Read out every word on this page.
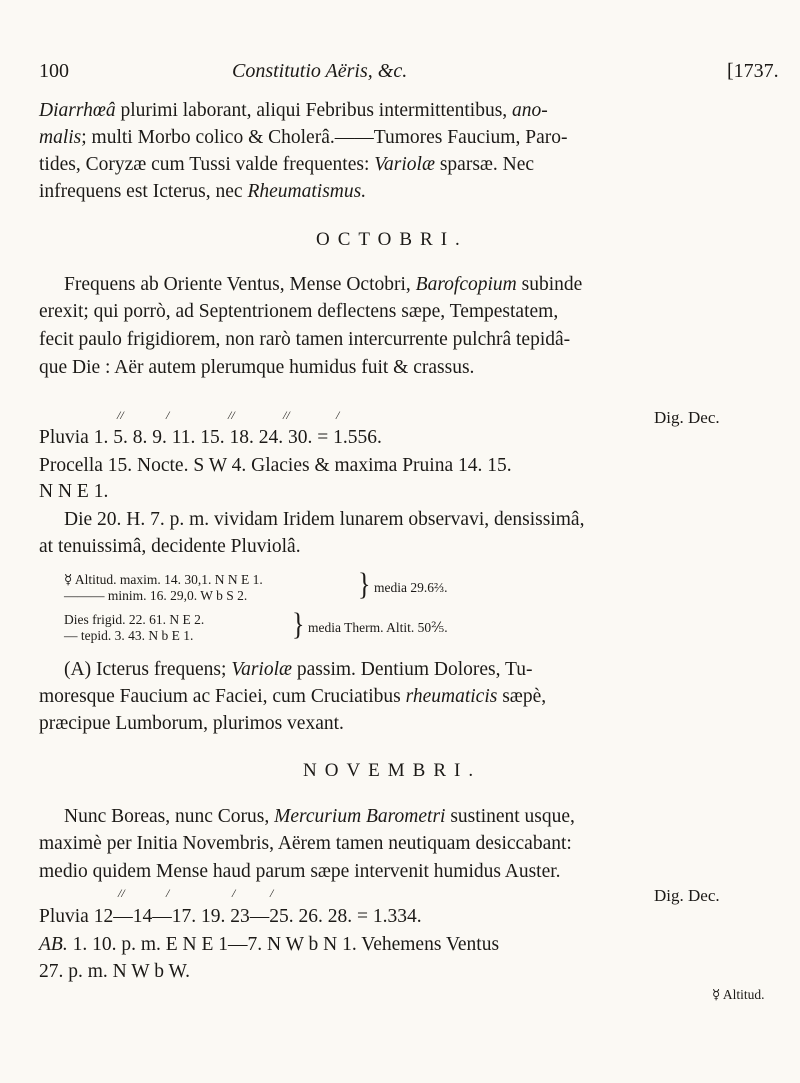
100	Constitutio Aëris, &c.	[1737.
Diarrhœâ plurimi laborant, aliqui Febribus intermittentibus, ano-
malis; multi Morbo colico & Cholerâ.——Tumores Faucium, Paro-
tides, Coryzæ cum Tussi valde frequentes: Variolæ sparsæ. Nec
infrequens est Icterus, nec Rheumatismus.
OCTOBRI.
Frequens ab Oriente Ventus, Mense Octobri, Barofcopium subinde
erexit; qui porrò, ad Septentrionem deflectens sæpe, Tempestatem,
fecit paulo frigidiorem, non rarò tamen intercurrente pulchrâ tepidâ-
que Die : Aër autem plerumque humidus fuit & crassus.
//	/	//	//	/	Dig. Dec.
Pluvia 1. 5. 8. 9. 11. 15. 18. 24. 30. = 1.556.
Procella 15. Nocte. S W 4. Glacies & maxima Pruina 14. 15.
N N E 1.
Die 20. H. 7. p. m. vividam Iridem lunarem observavi, densissimâ,
at tenuissimâ, decidente Pluviolâ.
☿ Altitud. maxim. 14. 30,1. N N E 1.
——— minim. 16. 29,0. W b S 2.	} media 29.6⅔.
Dies frigid. 22. 61. N E 2.
— tepid. 3. 43. N b E 1.	} media Therm. Altit. 50⅖.
(A) Icterus frequens; Variolæ passim. Dentium Dolores, Tu-
moresque Faucium ac Faciei, cum Cruciatibus rheumaticis sæpè,
præcipue Lumborum, plurimos vexant.
NOVEMBRI.
Nunc Boreas, nunc Corus, Mercurium Barometri sustinent usque,
maximè per Initia Novembris, Aërem tamen neutiquam desiccabant:
medio quidem Mense haud parum sæpe intervenit humidus Auster.
//	/	/	/	Dig. Dec.
Pluvia 12—14—17. 19. 23—25. 26. 28. = 1.334.
AB. 1. 10. p. m. E N E 1—7. N W b N 1. Vehemens Ventus
27. p. m. N W b W.
☿ Altitud.
